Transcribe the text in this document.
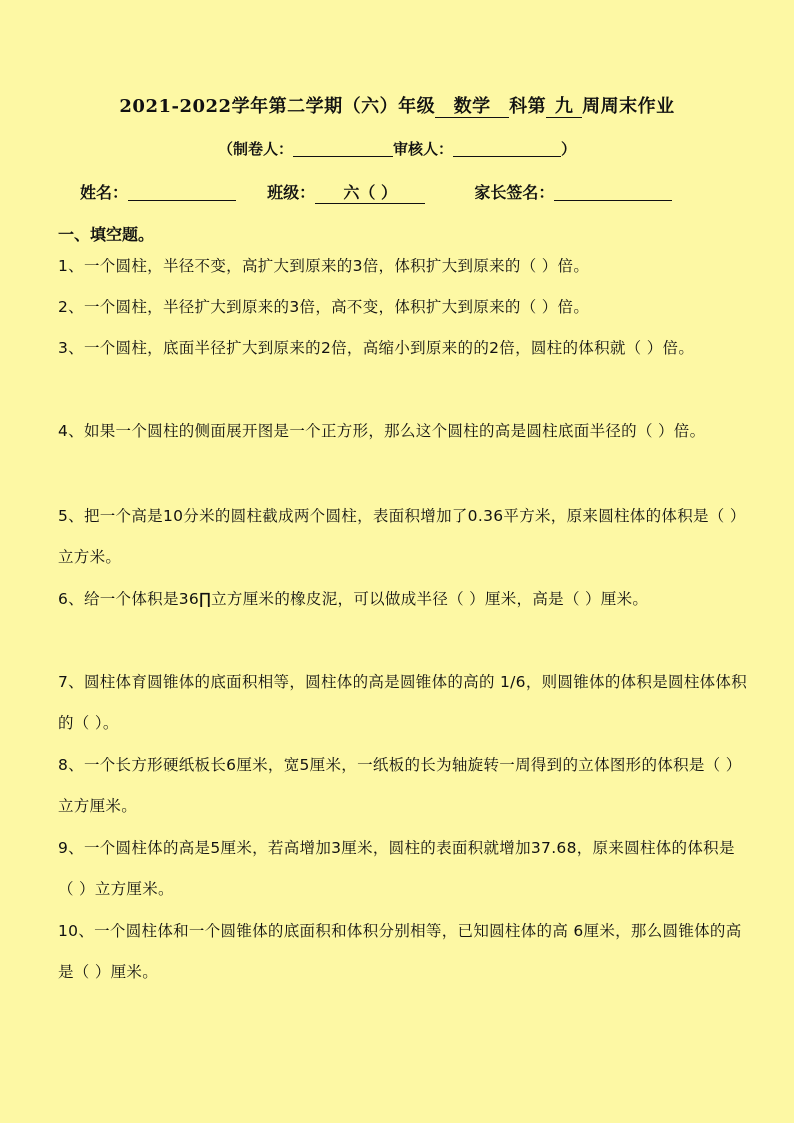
2021-2022学年第二学期（六）年级 数学 科第 九 周周末作业
（制卷人：	审核人：	）
姓名：	班级： 六（ ）	家长签名：
一、填空题。
1、一个圆柱，半径不变，高扩大到原来的3倍，体积扩大到原来的（ ）倍。
2、一个圆柱，半径扩大到原来的3倍，高不变，体积扩大到原来的（ ）倍。
3、一个圆柱，底面半径扩大到原来的2倍，高缩小到原来的的2倍，圆柱的体积就（ ）倍。
4、如果一个圆柱的侧面展开图是一个正方形，那么这个圆柱的高是圆柱底面半径的（ ）倍。
5、把一个高是10分米的圆柱截成两个圆柱，表面积增加了0.36平方米，原来圆柱体的体积是（ ）立方米。
6、给一个体积是36∏立方厘米的橡皮泥，可以做成半径（ ）厘米，高是（ ）厘米。
7、圆柱体育圆锥体的底面积相等，圆柱体的高是圆锥体的高的 1/6，则圆锥体的体积是圆柱体体积的（ ）。
8、一个长方形硬纸板长6厘米，宽5厘米，一纸板的长为轴旋转一周得到的立体图形的体积是（ ）立方厘米。
9、一个圆柱体的高是5厘米，若高增加3厘米，圆柱的表面积就增加37.68，原来圆柱体的体积是（ ）立方厘米。
10、一个圆柱体和一个圆锥体的底面积和体积分别相等，已知圆柱体的高 6厘米，那么圆锥体的高是（ ）厘米。
